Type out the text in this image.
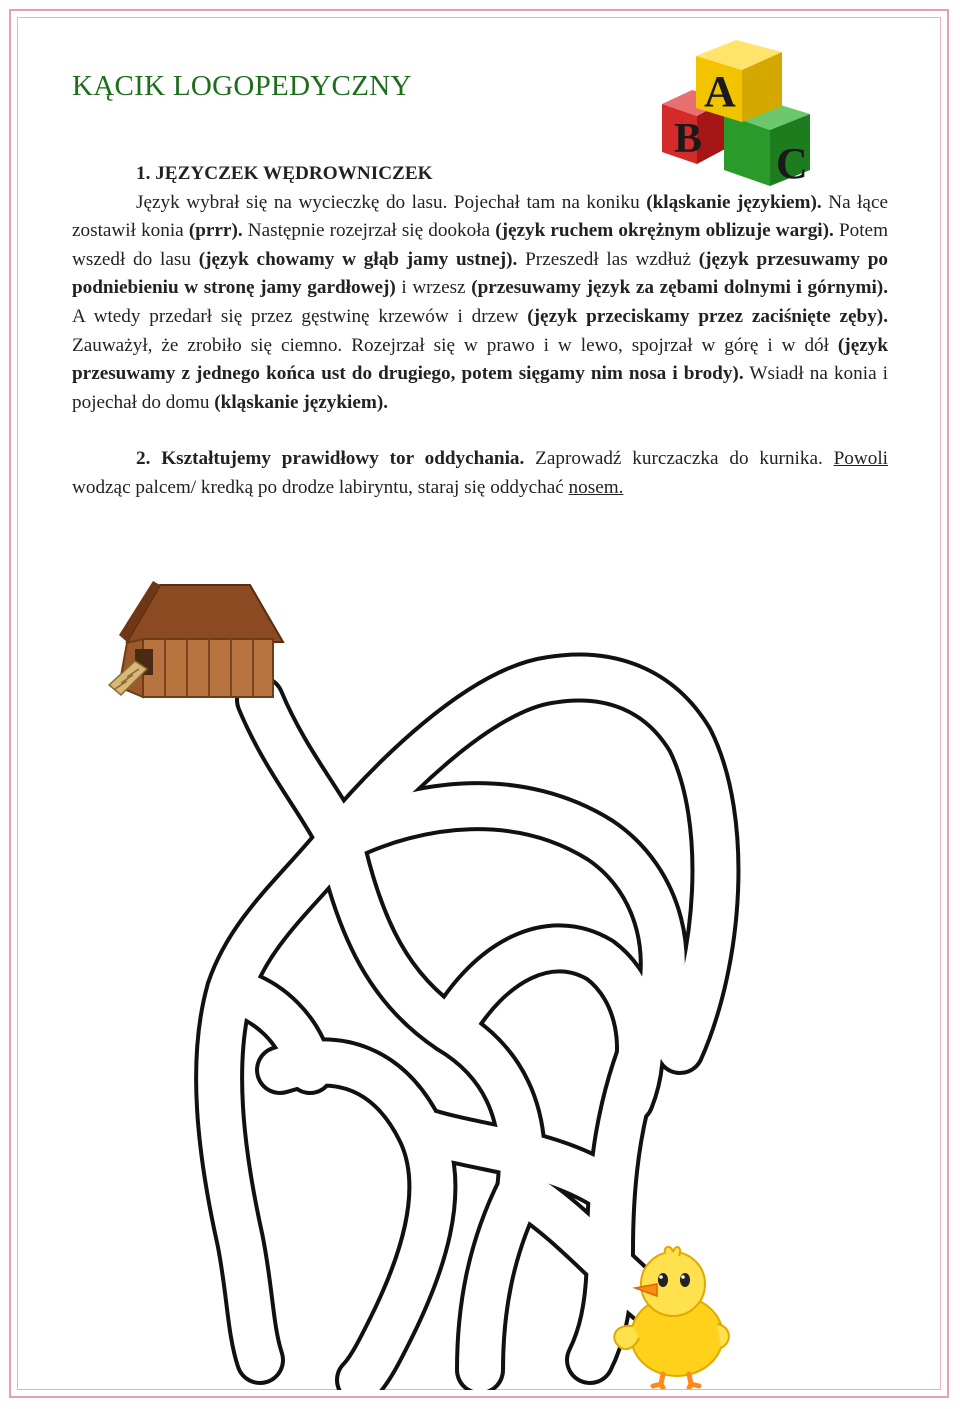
KĄCIK LOGOPEDYCZNY
B C
A

1. JĘZYCZEK WĘDROWNICZEK

Język wybrał się na wycieczkę do lasu. Pojechał tam na koniku (kląskanie językiem). Na łące zostawił konia (prrr). Następnie rozejrzał się dookoła (język ruchem okrężnym oblizuje wargi). Potem wszedł do lasu (język chowamy w głąb jamy ustnej). Przeszedł las wzdłuż (język przesuwamy po podniebieniu w stronę jamy gardłowej) i wrzesz (przesuwamy język za zębami dolnymi i górnymi). A wtedy przedarł się przez gęstwinę krzewów i drzew (język przeciskamy przez zaciśnięte zęby). Zauważył, że zrobiło się ciemno. Rozejrzał się w prawo i w lewo, spojrzał w górę i w dół (język przesuwamy z jednego końca ust do drugiego, potem sięgamy nim nosa i brody). Wsiadł na konia i pojechał do domu (kląskanie językiem).

2. Kształtujemy prawidłowy tor oddychania. Zaprowadź kurczaczka do kurnika. Powoli wodząc palcem/ kredką po drodze labiryntu, staraj się oddychać nosem.
